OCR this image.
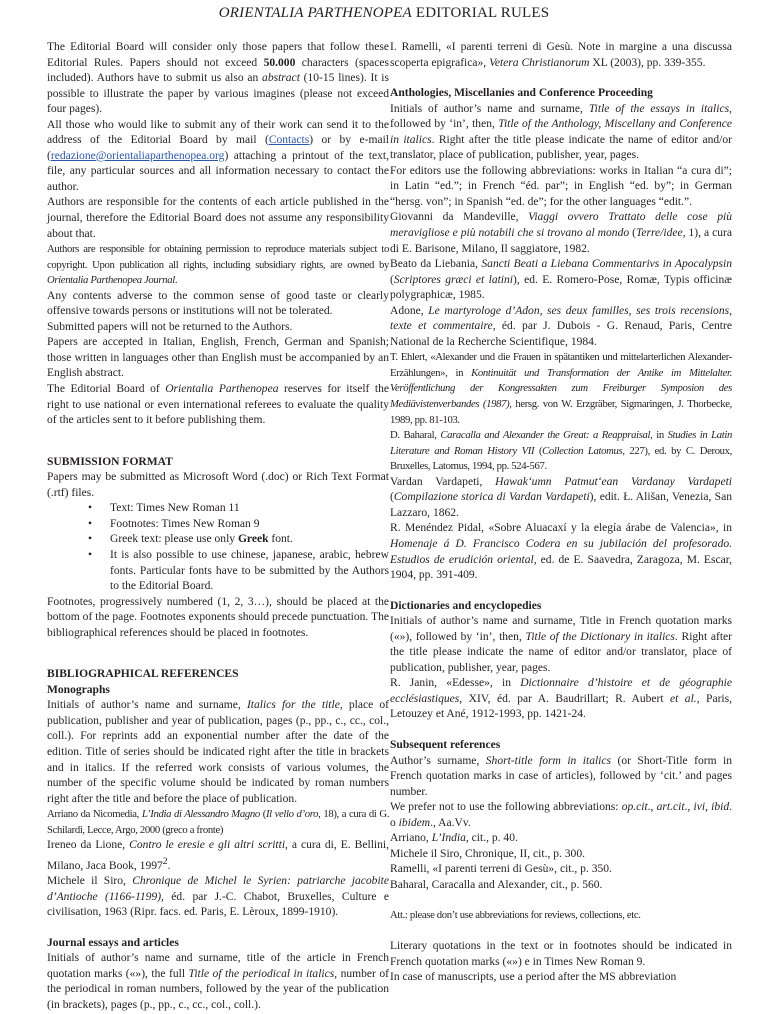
ORIENTALIA PARTHENOPEA EDITORIAL RULES

The Editorial Board will consider only those papers that follow these Editorial Rules. Papers should not exceed 50.000 characters (spaces included). Authors have to submit us also an abstract (10-15 lines). It is possible to illustrate the paper by various imagines (please not exceed four pages).

All those who would like to submit any of their work can send it to the address of the Editorial Board by mail (Contacts) or by e-mail (redazione@orientaliaparthenopea.org) attaching a printout of the text, file, any particular sources and all information necessary to contact the author.

Authors are responsible for the contents of each article published in the journal, therefore the Editorial Board does not assume any responsibility about that.

Authors are responsible for obtaining permission to reproduce materials subject to copyright. Upon publication all rights, including subsidiary rights, are owned by Orientalia Parthenopea Journal.

Any contents adverse to the common sense of good taste or clearly offensive towards persons or institutions will not be tolerated.

Submitted papers will not be returned to the Authors.

Papers are accepted in Italian, English, French, German and Spanish; those written in languages other than English must be accompanied by an English abstract.

The Editorial Board of Orientalia Parthenopea reserves for itself the right to use national or even international referees to evaluate the quality of the articles sent to it before publishing them.

SUBMISSION FORMAT

Papers may be submitted as Microsoft Word (.doc) or Rich Text Format (.rtf) files.

• Text: Times New Roman 11
• Footnotes: Times New Roman 9
• Greek text: please use only Greek font.
• It is also possible to use chinese, japanese, arabic, hebrew fonts. Particular fonts have to be submitted by the Authors to the Editorial Board.

Footnotes, progressively numbered (1, 2, 3…), should be placed at the bottom of the page. Footnotes exponents should precede punctuation. The bibliographical references should be placed in footnotes.

BIBLIOGRAPHICAL REFERENCES

Monographs

Initials of author’s name and surname, Italics for the title, place of publication, publisher and year of publication, pages (p., pp., c., cc., col., coll.). For reprints add an exponential number after the date of the edition. Title of series should be indicated right after the title in brackets and in italics. If the referred work consists of various volumes, the number of the specific volume should be indicated by roman numbers right after the title and before the place of publication.

Arriano da Nicomedia, L’India di Alessandro Magno (Il vello d’oro, 18), a cura di G. Schilardi, Lecce, Argo, 2000 (greco a fronte)

Ireneo da Lione, Contro le eresie e gli altri scritti, a cura di, E. Bellini, Milano, Jaca Book, 1997$^2$.

Michele il Siro, Chronique de Michel le Syrien: patriarche jacobite d’Antioche (1166-1199), éd. par J.-C. Chabot, Bruxelles, Culture e civilisation, 1963 (Ripr. facs. ed. Paris, E. Lèroux, 1899-1910).

Journal essays and articles

Initials of author’s name and surname, title of the article in French quotation marks («»), the full Title of the periodical in italics, number of the periodical in roman numbers, followed by the year of the publication (in brackets), pages (p., pp., c., cc., col., coll.).

I. Ramelli, «I parenti terreni di Gesù. Note in margine a una discussa scoperta epigrafica», Vetera Christianorum XL (2003), pp. 339-355.

Anthologies, Miscellanies and Conference Proceeding

Initials of author’s name and surname, Title of the essays in italics, followed by ‘in’, then, Title of the Anthology, Miscellany and Conference in italics. Right after the title please indicate the name of editor and/or translator, place of publication, publisher, year, pages.

For editors use the following abbreviations: works in Italian “a cura di”; in Latin “ed.”; in French “éd. par”; in English “ed. by”; in German “hersg. von”; in Spanish “ed. de”; for the other languages “edit.”.

Giovanni da Mandeville, Viaggi ovvero Trattato delle cose più meravigliose e più notabili che si trovano al mondo (Terre/idee, 1), a cura di E. Barisone, Milano, Il saggiatore, 1982.

Beato da Liebania, Sancti Beati a Liebana Commentarivs in Apocalypsin (Scriptores græci et latini), ed. E. Romero-Pose, Romæ, Typis officinæ polygraphicæ, 1985.

Adone, Le martyrologe d’Adon, ses deux familles, ses trois recensions, texte et commentaire, éd. par J. Dubois - G. Renaud, Paris, Centre National de la Recherche Scientifique, 1984.

T. Ehlert, «Alexander und die Frauen in spätantiken und mittelarterlichen Alexander-Erzählungen», in Kontinuität und Transformation der Antike im Mittelalter. Veröffentlichung der Kongressakten zum Freiburger Symposion des Mediävistenverbandes (1987), hersg. von W. Erzgräber, Sigmaringen, J. Thorbecke, 1989, pp. 81-103.

D. Baharal, Caracalla and Alexander the Great: a Reappraisal, in Studies in Latin Literature and Roman History VII (Collection Latomus, 227), ed. by C. Deroux, Bruxelles, Latomus, 1994, pp. 524-567.

Vardan Vardapeti, Hawak‘umn Patmut‘ean Vardanay Vardapeti (Compilazione storica di Vardan Vardapeti), edit. Ł. Ališan, Venezia, San Lazzaro, 1862.

R. Menéndez Pidal, «Sobre Aluacaxí y la elegía árabe de Valencia», in Homenaje á D. Francisco Codera en su jubilación del profesorado. Estudios de erudición oriental, ed. de E. Saavedra, Zaragoza, M. Escar, 1904, pp. 391-409.

Dictionaries and encyclopedies

Initials of author’s name and surname, Title in French quotation marks («»), followed by ‘in’, then, Title of the Dictionary in italics. Right after the title please indicate the name of editor and/or translator, place of publication, publisher, year, pages.

R. Janin, «Edesse», in Dictionnaire d’histoire et de géographie ecclésiastiques, XIV, éd. par A. Baudrillart; R. Aubert et al., Paris, Letouzey et Ané, 1912-1993, pp. 1421-24.

Subsequent references

Author’s surname, Short-title form in italics (or Short-Title form in French quotation marks in case of articles), followed by ‘cit.’ and pages number.

We prefer not to use the following abbreviations: op.cit., art.cit., ivi, ibid. o ibidem., Aa.Vv.

Arriano, L’India, cit., p. 40.

Michele il Siro, Chronique, II, cit., p. 300.

Ramelli, «I parenti terreni di Gesù», cit., p. 350.

Baharal, Caracalla and Alexander, cit., p. 560.

Att.: please don’t use abbreviations for reviews, collections, etc.

Literary quotations in the text or in footnotes should be indicated in French quotation marks («») e in Times New Roman 9.

In case of manuscripts, use a period after the MS abbreviation
